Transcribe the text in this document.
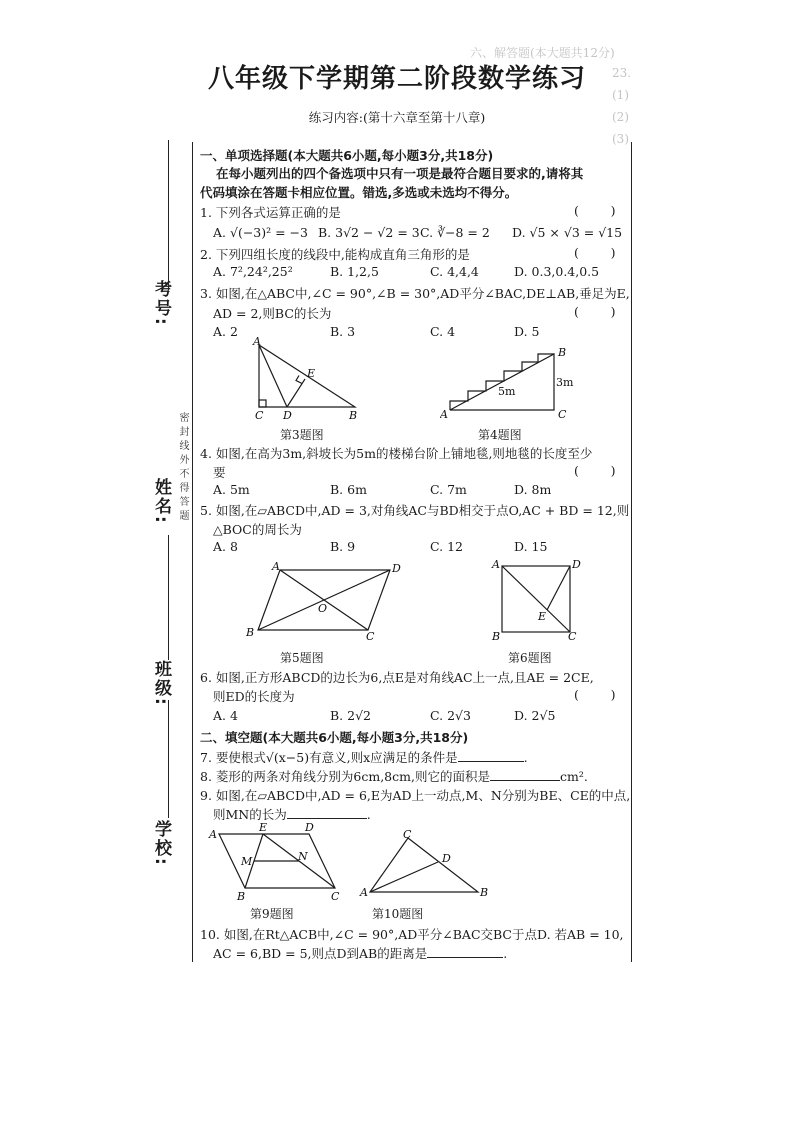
六、解答题(本大题共12分)
23.
(1)
(2)
(3)
八年级下学期第二阶段数学练习
练习内容:(第十六章至第十八章)
考号:
姓名:
班级:
学校:
密封线外不得答题
一、单项选择题(本大题共6小题,每小题3分,共18分)
在每小题列出的四个备选项中只有一项是最符合题目要求的,请将其
代码填涂在答题卡相应位置。错选,多选或未选均不得分。
1. 下列各式运算正确的是	(        )
A. √(−3)² = −3 B. 3√2 − √2 = 3 C. ∛−8 = 2 D. √5 × √3 = √15
2. 下列四组长度的线段中,能构成直角三角形的是	(        )
A. 7²,24²,25²	B. 1,2,5	C. 4,4,4	D. 0.3,0.4,0.5
3. 如图,在△ABC中,∠C = 90°,∠B = 30°,AD平分∠BAC,DE⊥AB,垂足为E,
AD = 2,则BC的长为	(        )
A. 2	B. 3	C. 4	D. 5
A
E
C D	B
第3题图
B
5m
3m
A	C
第4题图
4. 如图,在高为3m,斜坡长为5m的楼梯台阶上铺地毯,则地毯的长度至少
要	(        )
A. 5m	B. 6m	C. 7m	D. 8m
5. 如图,在▱ABCD中,AD = 3,对角线AC与BD相交于点O,AC + BD = 12,则
△BOC的周长为
A. 8	B. 9	C. 12	D. 15
A	D
O
B	C
第5题图
A	D
E
B	C
第6题图
6. 如图,正方形ABCD的边长为6,点E是对角线AC上一点,且AE = 2CE,
则ED的长度为	(        )
A. 4	B. 2√2	C. 2√3	D. 2√5
二、填空题(本大题共6小题,每小题3分,共18分)
7. 要使根式√(x−5)有意义,则x应满足的条件是	.
8. 菱形的两条对角线分别为6cm,8cm,则它的面积是	cm².
9. 如图,在▱ABCD中,AD = 6,E为AD上一动点,M、N分别为BE、CE的中点,
则MN的长为	.
A
E	D
M	N
B	C
第9题图
C
D
A	B
第10题图
10. 如图,在Rt△ACB中,∠C = 90°,AD平分∠BAC交BC于点D. 若AB = 10,
AC = 6,BD = 5,则点D到AB的距离是	.
